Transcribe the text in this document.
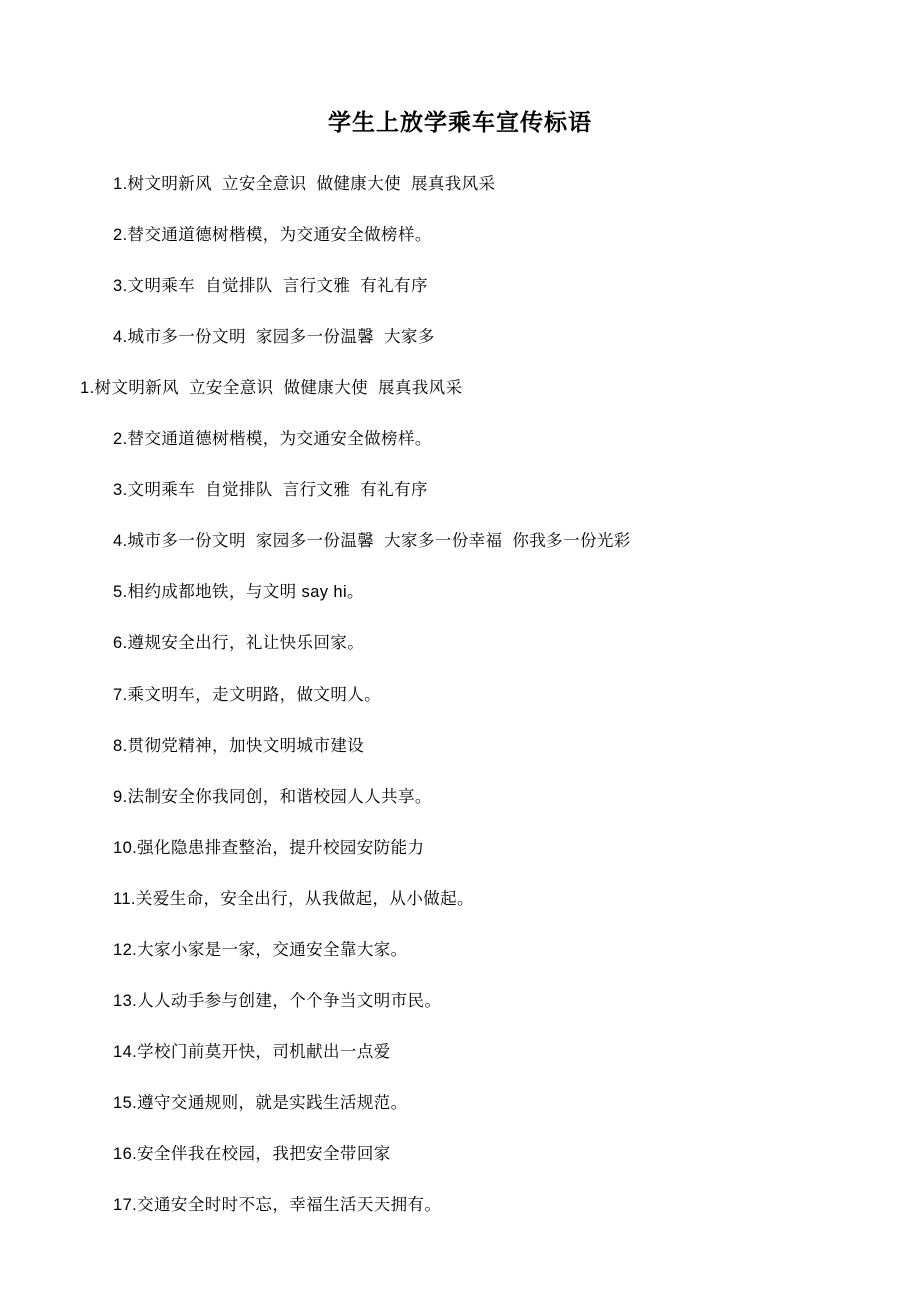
学生上放学乘车宣传标语

1.树文明新风  立安全意识  做健康大使  展真我风采

2.替交通道德树楷模，为交通安全做榜样。

3.文明乘车  自觉排队  言行文雅  有礼有序

4.城市多一份文明  家园多一份温馨  大家多

1.树文明新风  立安全意识  做健康大使  展真我风采

2.替交通道德树楷模，为交通安全做榜样。

3.文明乘车  自觉排队  言行文雅  有礼有序

4.城市多一份文明  家园多一份温馨  大家多一份幸福  你我多一份光彩

5.相约成都地铁，与文明 say hi。

6.遵规安全出行，礼让快乐回家。

7.乘文明车，走文明路，做文明人。

8.贯彻党精神，加快文明城市建设

9.法制安全你我同创，和谐校园人人共享。

10.强化隐患排查整治，提升校园安防能力

11.关爱生命，安全出行，从我做起，从小做起。

12.大家小家是一家，交通安全靠大家。

13.人人动手参与创建，个个争当文明市民。

14.学校门前莫开快，司机献出一点爱

15.遵守交通规则，就是实践生活规范。

16.安全伴我在校园，我把安全带回家

17.交通安全时时不忘，幸福生活天天拥有。
